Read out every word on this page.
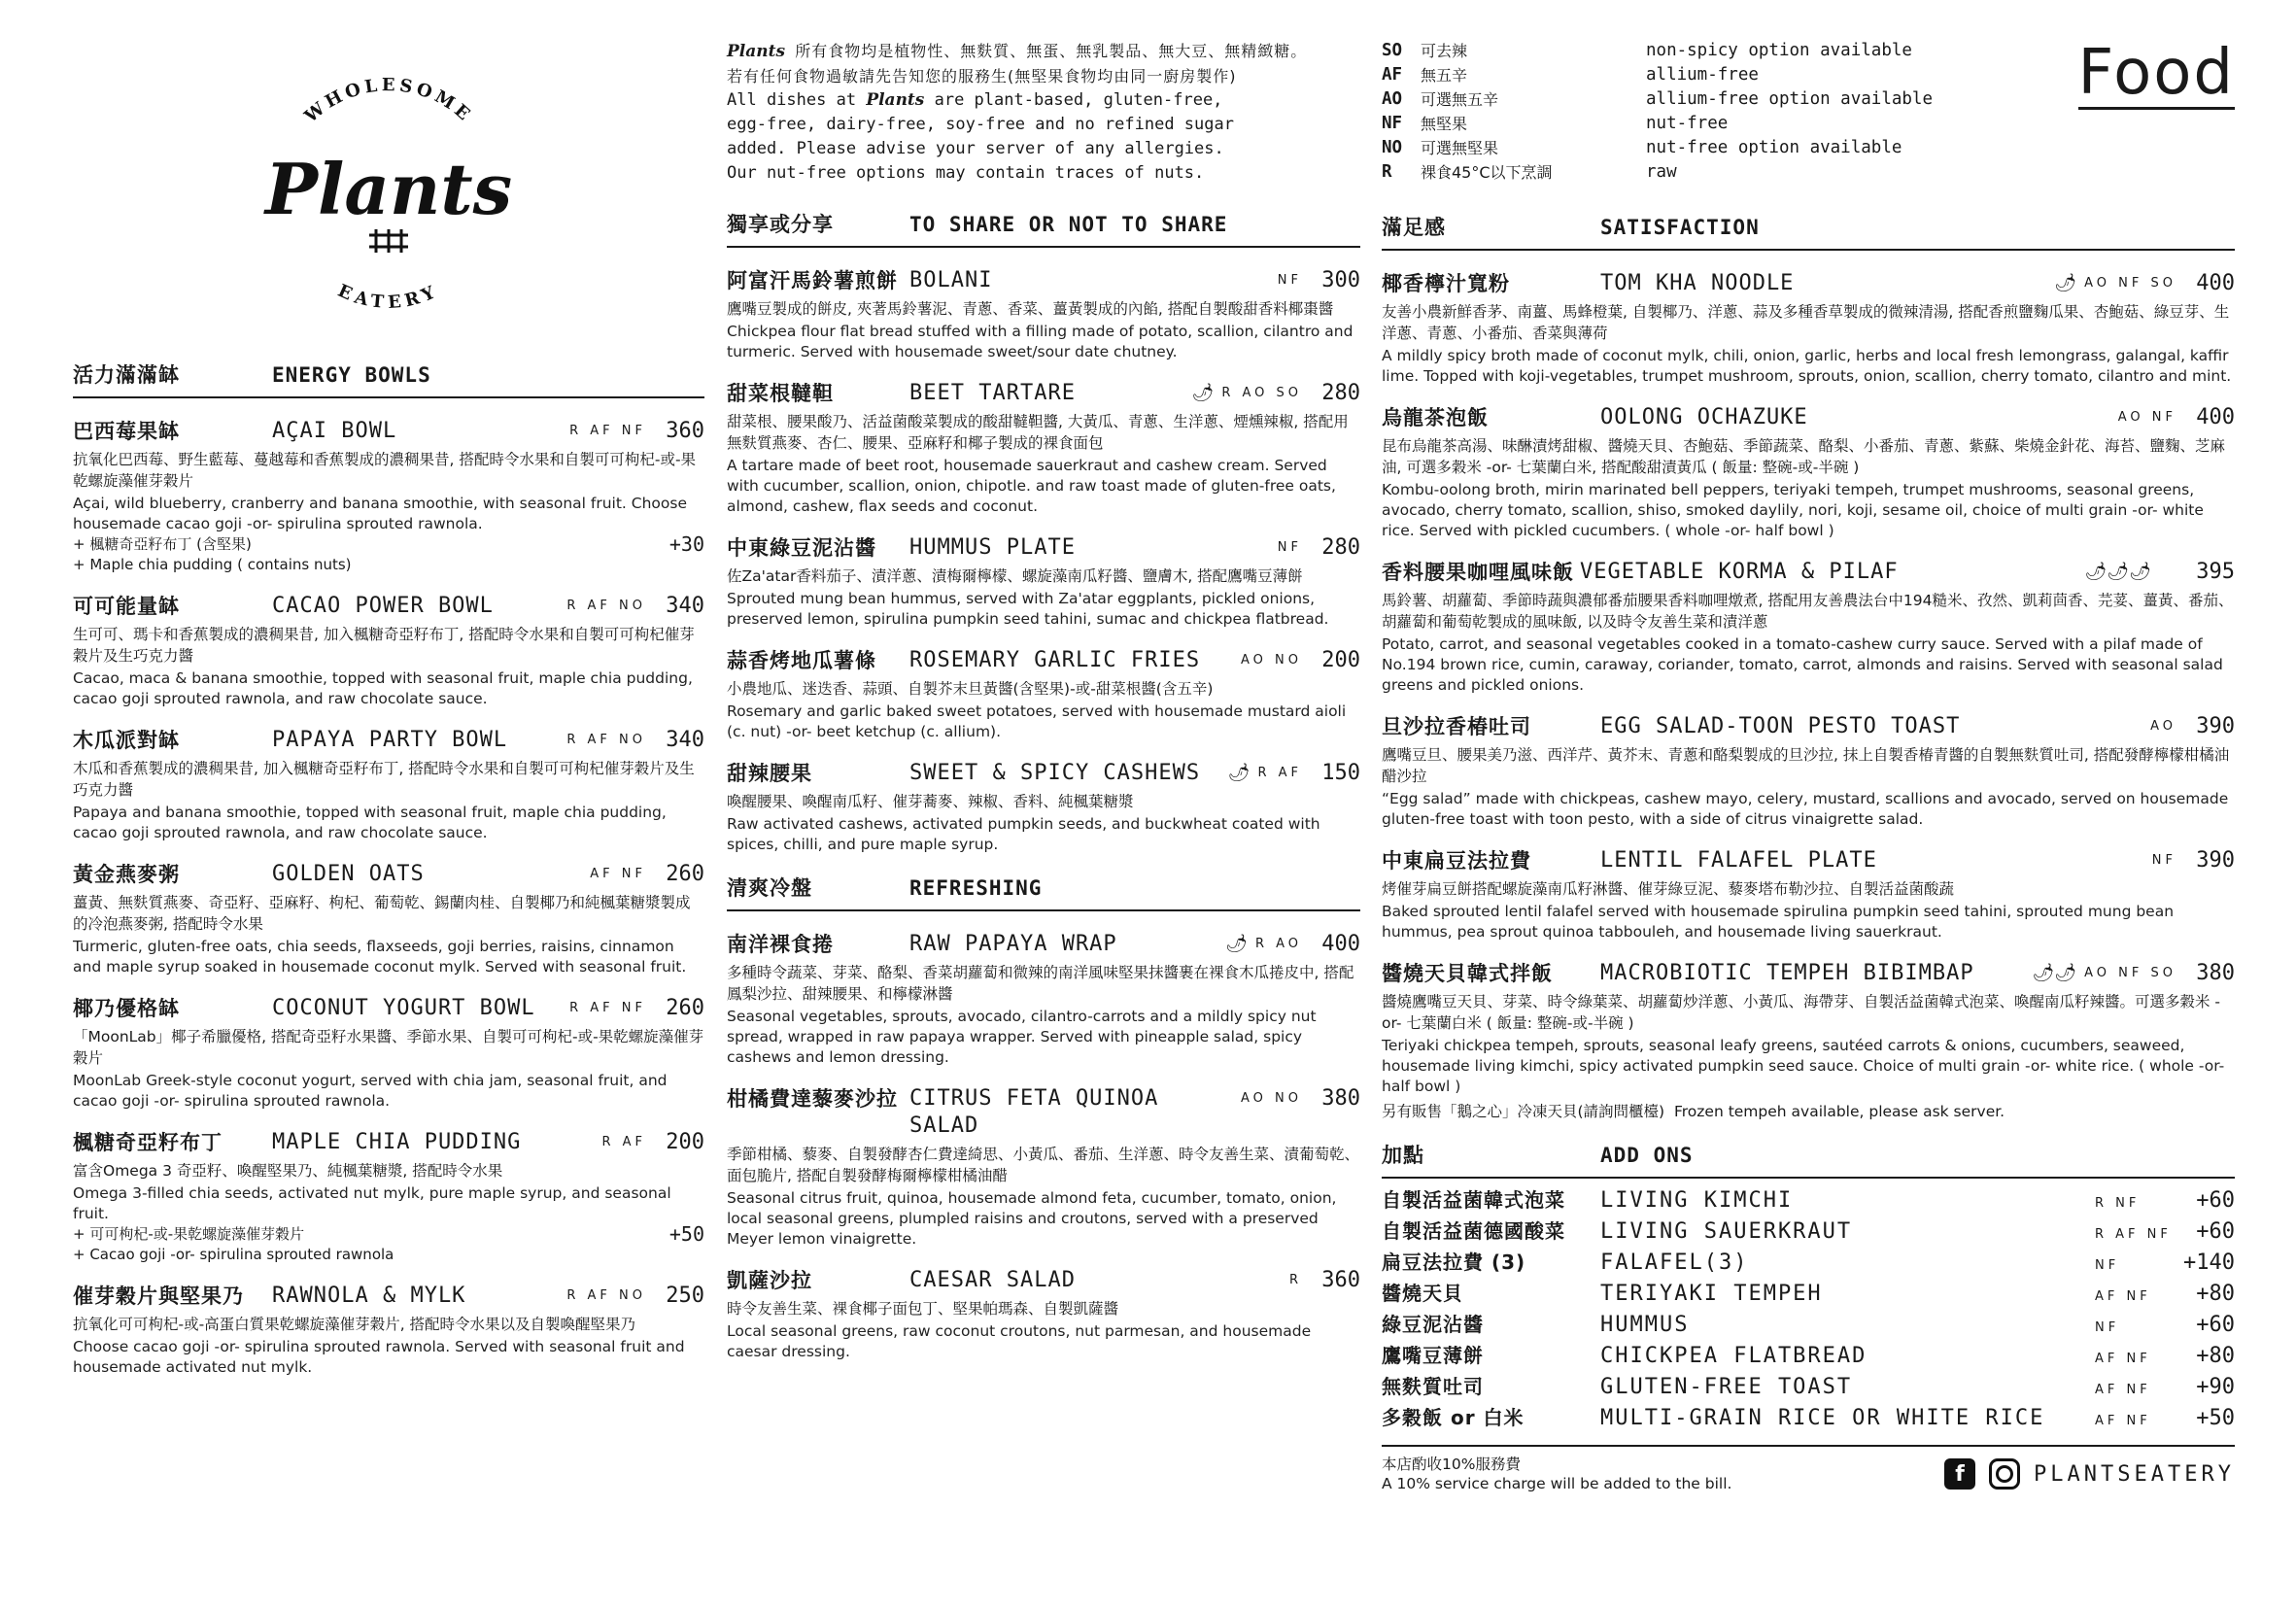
WHOLESOME
Plants
EATERY
活力滿滿缽	ENERGY BOWLS
巴西莓果缽	AÇAI BOWL	R AF NF 360
抗氧化巴西莓、野生藍莓、蔓越莓和香蕉製成的濃稠果昔, 搭配時令水果和自製可可枸杞-或-果乾螺旋藻催芽穀片
Açai, wild blueberry, cranberry and banana smoothie, with seasonal fruit. Choose housemade cacao goji -or- spirulina sprouted rawnola.
+ 楓糖奇亞籽布丁 (含堅果)	+30
+ Maple chia pudding ( contains nuts)
可可能量缽	CACAO POWER BOWL	R AF NO 340
生可可、瑪卡和香蕉製成的濃稠果昔, 加入楓糖奇亞籽布丁, 搭配時令水果和自製可可枸杞催芽穀片及生巧克力醬
Cacao, maca & banana smoothie, topped with seasonal fruit, maple chia pudding, cacao goji sprouted rawnola, and raw chocolate sauce.
木瓜派對缽	PAPAYA PARTY BOWL	R AF NO 340
木瓜和香蕉製成的濃稠果昔, 加入楓糖奇亞籽布丁, 搭配時令水果和自製可可枸杞催芽穀片及生巧克力醬
Papaya and banana smoothie, topped with seasonal fruit, maple chia pudding, cacao goji sprouted rawnola, and raw chocolate sauce.
黃金燕麥粥	GOLDEN OATS	AF NF 260
薑黃、無麩質燕麥、奇亞籽、亞麻籽、枸杞、葡萄乾、錫蘭肉桂、自製椰乃和純楓葉糖漿製成的冷泡燕麥粥, 搭配時令水果
Turmeric, gluten-free oats, chia seeds, flaxseeds, goji berries, raisins, cinnamon and maple syrup soaked in housemade coconut mylk. Served with seasonal fruit.
椰乃優格缽	COCONUT YOGURT BOWL	R AF NF 260
「MoonLab」椰子希臘優格, 搭配奇亞籽水果醬、季節水果、自製可可枸杞-或-果乾螺旋藻催芽穀片
MoonLab Greek-style coconut yogurt, served with chia jam, seasonal fruit, and cacao goji -or- spirulina sprouted rawnola.
楓糖奇亞籽布丁	MAPLE CHIA PUDDING	R AF 200
富含Omega 3 奇亞籽、喚醒堅果乃、純楓葉糖漿, 搭配時令水果
Omega 3-filled chia seeds, activated nut mylk, pure maple syrup, and seasonal fruit.
+ 可可枸杞-或-果乾螺旋藻催芽穀片	+50
+ Cacao goji -or- spirulina sprouted rawnola
催芽穀片與堅果乃	RAWNOLA & MYLK	R AF NO 250
抗氧化可可枸杞-或-高蛋白質果乾螺旋藻催芽穀片, 搭配時令水果以及自製喚醒堅果乃
Choose cacao goji -or- spirulina sprouted rawnola. Served with seasonal fruit and housemade activated nut mylk.
Plants 所有食物均是植物性、無麩質、無蛋、無乳製品、無大豆、無精緻糖。
若有任何食物過敏請先告知您的服務生(無堅果食物均由同一廚房製作)
All dishes at Plants are plant-based, gluten-free,
egg-free, dairy-free, soy-free and no refined sugar
added. Please advise your server of any allergies.
Our nut-free options may contain traces of nuts.
獨享或分享	TO SHARE OR NOT TO SHARE
阿富汗馬鈴薯煎餅 BOLANI	NF 300
鷹嘴豆製成的餅皮, 夾著馬鈴薯泥、青蔥、香菜、薑黃製成的內餡, 搭配自製酸甜香料椰棗醬
Chickpea flour flat bread stuffed with a filling made of potato, scallion, cilantro and turmeric. Served with housemade sweet/sour date chutney.
甜菜根韃靼	BEET TARTARE	🌶 R AO SO 280
甜菜根、腰果酸乃、活益菌酸菜製成的酸甜韃靼醬, 大黃瓜、青蔥、生洋蔥、煙燻辣椒, 搭配用無麩質燕麥、杏仁、腰果、亞麻籽和椰子製成的裸食面包
A tartare made of beet root, housemade sauerkraut and cashew cream. Served with cucumber, scallion, onion, chipotle. and raw toast made of gluten-free oats, almond, cashew, flax seeds and coconut.
中東綠豆泥沾醬	HUMMUS PLATE	NF 280
佐Za'atar香料茄子、漬洋蔥、漬梅爾檸檬、螺旋藻南瓜籽醬、鹽膚木, 搭配鷹嘴豆薄餅
Sprouted mung bean hummus, served with Za'atar eggplants, pickled onions, preserved lemon, spirulina pumpkin seed tahini, sumac and chickpea flatbread.
蒜香烤地瓜薯條	ROSEMARY GARLIC FRIES	AO NO 200
小農地瓜、迷迭香、蒜頭、自製芥末旦黃醬(含堅果)-或-甜菜根醬(含五辛)
Rosemary and garlic baked sweet potatoes, served with housemade mustard aioli (c. nut) -or- beet ketchup (c. allium).
甜辣腰果	SWEET & SPICY CASHEWS	🌶 R AF 150
喚醒腰果、喚醒南瓜籽、催芽蕎麥、辣椒、香料、純楓葉糖漿
Raw activated cashews, activated pumpkin seeds, and buckwheat coated with spices, chilli, and pure maple syrup.
清爽冷盤	REFRESHING
南洋裸食捲	RAW PAPAYA WRAP	🌶 R AO 400
多種時令蔬菜、芽菜、酪梨、香菜胡蘿蔔和微辣的南洋風味堅果抹醬裹在裸食木瓜捲皮中, 搭配鳳梨沙拉、甜辣腰果、和檸檬淋醬
Seasonal vegetables, sprouts, avocado, cilantro-carrots and a mildly spicy nut spread, wrapped in raw papaya wrapper. Served with pineapple salad, spicy cashews and lemon dressing.
柑橘費達藜麥沙拉 CITRUS FETA QUINOA SALAD
AO NO 380
季節柑橘、藜麥、自製發酵杏仁費達綺思、小黃瓜、番茄、生洋蔥、時令友善生菜、漬葡萄乾、面包脆片, 搭配自製發酵梅爾檸檬柑橘油醋
Seasonal citrus fruit, quinoa, housemade almond feta, cucumber, tomato, onion, local seasonal greens, plumpled raisins and croutons, served with a preserved Meyer lemon vinaigrette.
凱薩沙拉	CAESAR SALAD	R 360
時令友善生菜、裸食椰子面包丁、堅果帕瑪森、自製凱薩醬
Local seasonal greens, raw coconut croutons, nut parmesan, and housemade caesar dressing.
SO 可去辣	non-spicy option available
AF 無五辛	allium-free
AO 可選無五辛	allium-free option available
NF 無堅果	nut-free
NO 可選無堅果	nut-free option available
R	裸食45°C以下烹調	raw
Food
滿足感	SATISFACTION
椰香檸汁寬粉	TOM KHA NOODLE	🌶 AO NF SO 400
友善小農新鮮香茅、南薑、馬蜂橙葉, 自製椰乃、洋蔥、蒜及多種香草製成的微辣清湯, 搭配香煎鹽麴瓜果、杏鮑菇、綠豆芽、生洋蔥、青蔥、小番茄、香菜與薄荷
A mildly spicy broth made of coconut mylk, chili, onion, garlic, herbs and local fresh lemongrass, galangal, kaffir lime. Topped with koji-vegetables, trumpet mushroom, sprouts, onion, scallion, cherry tomato, cilantro and mint.
烏龍茶泡飯	OOLONG OCHAZUKE	AO NF 400
昆布烏龍茶高湯、味醂漬烤甜椒、醬燒天貝、杏鮑菇、季節蔬菜、酪梨、小番茄、青蔥、紫蘇、柴燒金針花、海苔、鹽麴、芝麻油, 可選多穀米 -or- 七葉蘭白米, 搭配酸甜漬黃瓜 ( 飯量: 整碗-或-半碗 )
Kombu-oolong broth, mirin marinated bell peppers, teriyaki tempeh, trumpet mushrooms, seasonal greens, avocado, cherry tomato, scallion, shiso, smoked daylily, nori, koji, sesame oil, choice of multi grain -or- white rice. Served with pickled cucumbers. ( whole -or- half bowl )
香料腰果咖哩風味飯 VEGETABLE KORMA & PILAF	🌶🌶🌶 395
馬鈴薯、胡蘿蔔、季節時蔬與濃郁番茄腰果香料咖哩燉煮, 搭配用友善農法台中194糙米、孜然、凱莉茴香、芫荽、薑黃、番茄、胡蘿蔔和葡萄乾製成的風味飯, 以及時令友善生菜和漬洋蔥
Potato, carrot, and seasonal vegetables cooked in a tomato-cashew curry sauce. Served with a pilaf made of No.194 brown rice, cumin, caraway, coriander, tomato, carrot, almonds and raisins. Served with seasonal salad greens and pickled onions.
旦沙拉香椿吐司	EGG SALAD-TOON PESTO TOAST	AO 390
鷹嘴豆旦、腰果美乃滋、西洋芹、黃芥末、青蔥和酪梨製成的旦沙拉, 抹上自製香椿青醬的自製無麩質吐司, 搭配發酵檸檬柑橘油醋沙拉
“Egg salad” made with chickpeas, cashew mayo, celery, mustard, scallions and avocado, served on housemade gluten-free toast with toon pesto, with a side of citrus vinaigrette salad.
中東扁豆法拉費	LENTIL FALAFEL PLATE	NF 390
烤催芽扁豆餅搭配螺旋藻南瓜籽淋醬、催芽綠豆泥、藜麥塔布勒沙拉、自製活益菌酸蔬
Baked sprouted lentil falafel served with housemade spirulina pumpkin seed tahini, sprouted mung bean hummus, pea sprout quinoa tabbouleh, and housemade living sauerkraut.
醬燒天貝韓式拌飯	MACROBIOTIC TEMPEH BIBIMBAP	🌶🌶 AO NF SO 380
醬燒鷹嘴豆天貝、芽菜、時令綠葉菜、胡蘿蔔炒洋蔥、小黃瓜、海帶芽、自製活益菌韓式泡菜、喚醒南瓜籽辣醬。可選多穀米 -or- 七葉蘭白米 ( 飯量: 整碗-或-半碗 )
Teriyaki chickpea tempeh, sprouts, seasonal leafy greens, sautéed carrots & onions, cucumbers, seaweed, housemade living kimchi, spicy activated pumpkin seed sauce. Choice of multi grain -or- white rice. ( whole -or- half bowl )
另有販售「鵝之心」冷凍天貝(請詢問櫃檯) Frozen tempeh available, please ask server.
加點	ADD ONS
自製活益菌韓式泡菜	LIVING KIMCHI	R NF	+60
自製活益菌德國酸菜	LIVING SAUERKRAUT	R AF NF	+60
扁豆法拉費 (3)	FALAFEL(3)	NF	+140
醬燒天貝	TERIYAKI TEMPEH	AF NF	+80
綠豆泥沾醬	HUMMUS	NF	+60
鷹嘴豆薄餅	CHICKPEA FLATBREAD	AF NF	+80
無麩質吐司	GLUTEN-FREE TOAST	AF NF	+90
多穀飯 or 白米	MULTI-GRAIN RICE OR WHITE RICE	AF NF	+50
本店酌收10%服務費
A 10% service charge will be added to the bill.	f	PLANTSEATERY
